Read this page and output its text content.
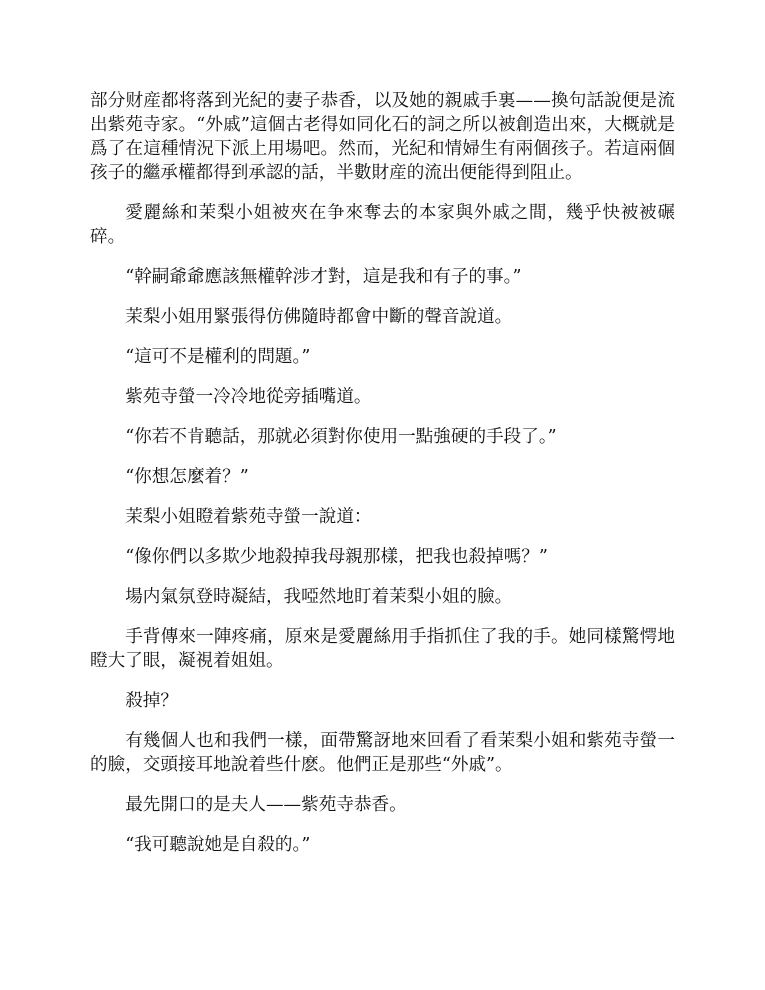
部分财産都将落到光紀的妻子恭香，以及她的親戚手裏——換句話說便是流出紫苑寺家。“外戚”這個古老得如同化石的詞之所以被創造出來，大概就是爲了在這種情況下派上用場吧。然而，光紀和情婦生有兩個孩子。若這兩個孩子的繼承權都得到承認的話，半數財産的流出便能得到阻止。

愛麗絲和茉梨小姐被夾在争來奪去的本家與外戚之間，幾乎快被被碾碎。

“幹嗣爺爺應該無權幹涉才對，這是我和有子的事。”

茉梨小姐用緊張得仿佛隨時都會中斷的聲音說道。

“這可不是權利的問題。”

紫苑寺螢一冷冷地從旁插嘴道。

“你若不肯聽話，那就必須對你使用一點強硬的手段了。”

“你想怎麼着？”

茉梨小姐瞪着紫苑寺螢一說道：

“像你們以多欺少地殺掉我母親那樣，把我也殺掉嗎？”

場内氣氛登時凝結，我啞然地盯着茉梨小姐的臉。

手背傳來一陣疼痛，原來是愛麗絲用手指抓住了我的手。她同樣驚愕地瞪大了眼，凝視着姐姐。

殺掉？

有幾個人也和我們一樣，面帶驚訝地來回看了看茉梨小姐和紫苑寺螢一的臉，交頭接耳地說着些什麽。他們正是那些“外戚”。

最先開口的是夫人——紫苑寺恭香。

“我可聽說她是自殺的。”
